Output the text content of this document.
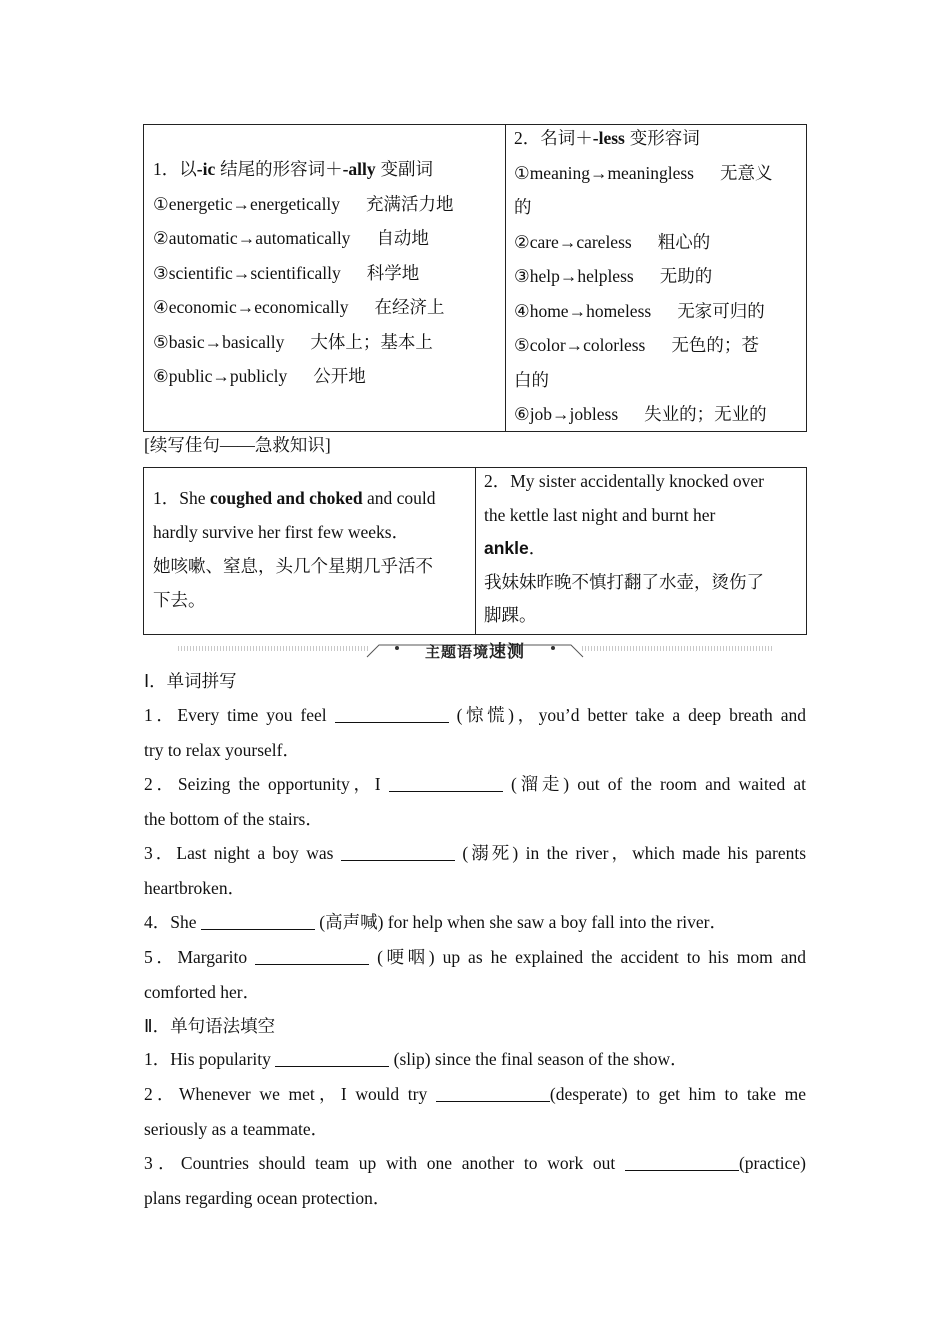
1．以-ic 结尾的形容词＋-ally 变副词
①energetic→energetically 充满活力地
②automatic→automatically 自动地
③scientific→scientifically 科学地
④economic→economically 在经济上
⑤basic→basically 大体上；基本上
⑥public→publicly 公开地
2．名词＋-less 变形容词
①meaning→meaningless 无意义
的
②care→careless 粗心的
③help→helpless 无助的
④home→homeless 无家可归的
⑤color→colorless 无色的；苍
白的
⑥job→jobless 失业的；无业的
[续写佳句——急救知识]
1．She coughed and choked and could
hardly survive her first few weeks．
她咳嗽、窒息，头几个星期几乎活不
下去。
2．My sister accidentally knocked over
the kettle last night and burnt her
ankle．
我妹妹昨晚不慎打翻了水壶，烫伤了
脚踝。
主题语境速测
Ⅰ．单词拼写
1．Every time you feel	(惊慌)，you’d better take a deep breath and
try to relax yourself．
2．Seizing the opportunity，I	(溜走) out of the room and waited at
the bottom of the stairs．
3．Last night a boy was	(溺死) in the river，which made his parents
heartbroken．
4．She	(高声喊) for help when she saw a boy fall into the river．
5．Margarito	(哽咽) up as he explained the accident to his mom and
comforted her．
Ⅱ．单句语法填空
1．His popularity	(slip) since the final season of the show．
2．Whenever we met，I would try	(desperate) to get him to take me
seriously as a teammate．
3．Countries should team up with one another to work out	(practice)
plans regarding ocean protection．
